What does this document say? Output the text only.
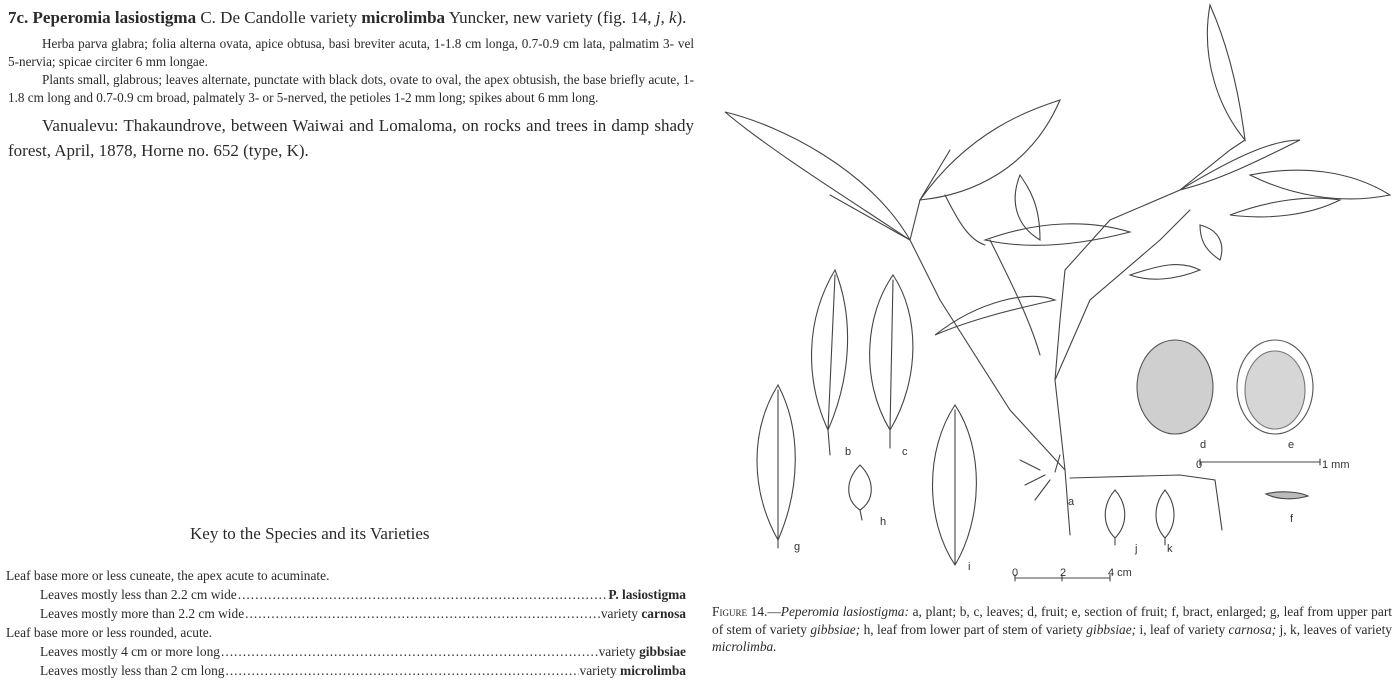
7c. Peperomia lasiostigma C. De Candolle variety microlimba Yuncker, new variety (fig. 14, j, k).

Herba parva glabra; folia alterna ovata, apice obtusa, basi breviter acuta, 1-1.8 cm longa, 0.7-0.9 cm lata, palmatim 3- vel 5-nervia; spicae circiter 6 mm longae.

Plants small, glabrous; leaves alternate, punctate with black dots, ovate to oval, the apex obtusish, the base briefly acute, 1-1.8 cm long and 0.7-0.9 cm broad, palmately 3- or 5-nerved, the petioles 1-2 mm long; spikes about 6 mm long.

Vanualevu: Thakaundrove, between Waiwai and Lomaloma, on rocks and trees in damp shady forest, April, 1878, Horne no. 652 (type, K).

Key to the Species and its Varieties
Leaf base more or less cuneate, the apex acute to acuminate.
Leaves mostly less than 2.2 cm wide .....	P. lasiostigma
Leaves mostly more than 2.2 cm wide .....	variety carnosa
Leaf base more or less rounded, acute.
Leaves mostly 4 cm or more long .....	variety gibbsiae
Leaves mostly less than 2 cm long .....	variety microlimba
a
b	c
d	e
f
g
h
i
j	k
0	1 mm
0	2	4 cm
Figure 14.—Peperomia lasiostigma: a, plant; b, c, leaves; d, fruit; e, section of fruit; f, bract, enlarged; g, leaf from upper part of stem of variety gibbsiae; h, leaf from lower part of stem of variety gibbsiae; i, leaf of variety carnosa; j, k, leaves of variety microlimba.
